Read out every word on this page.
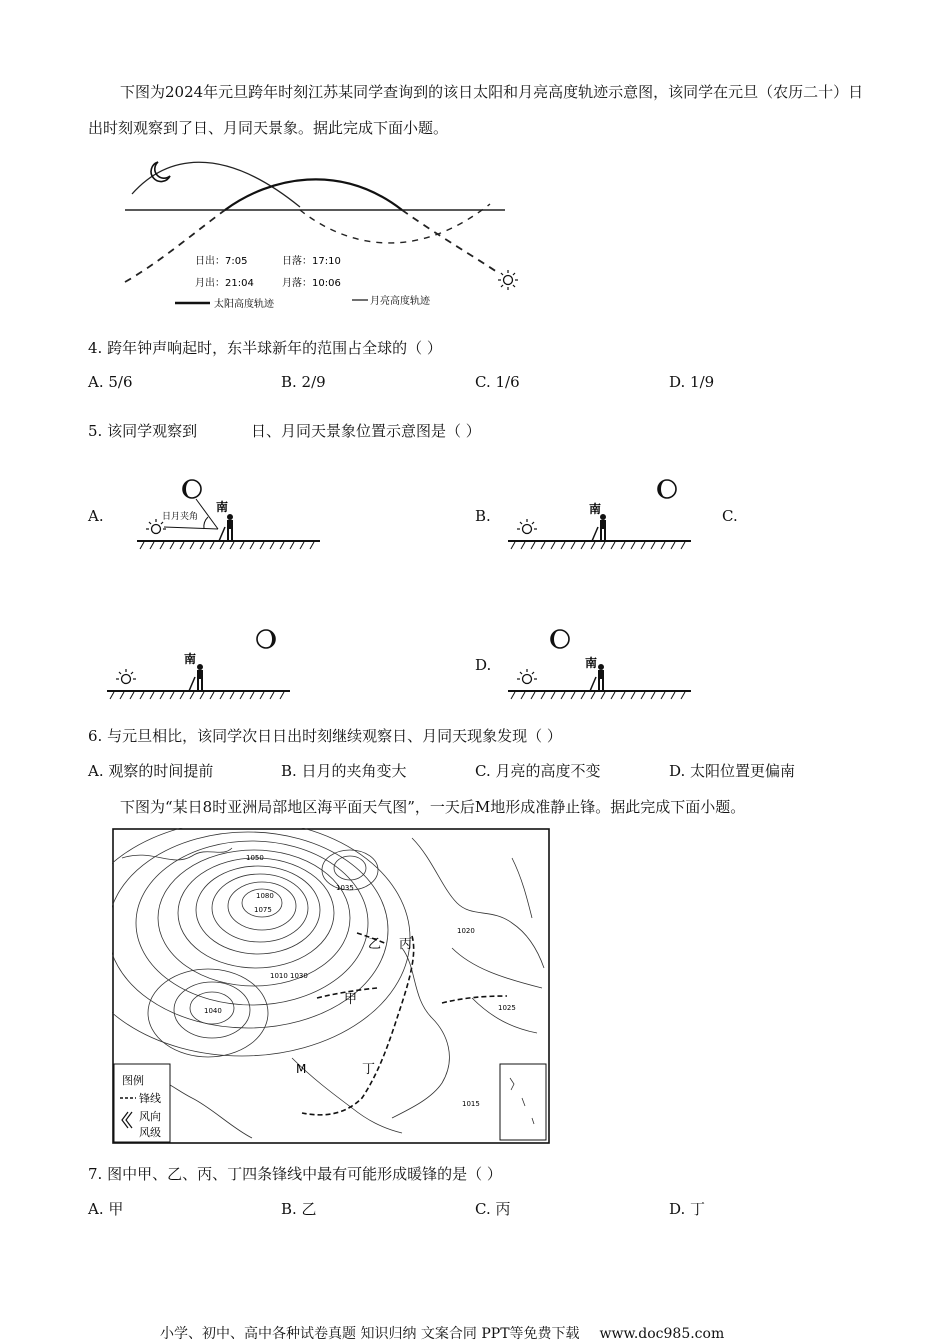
下图为2024年元旦跨年时刻江苏某同学查询到的该日太阳和月亮高度轨迹示意图，该同学在元旦（农历二十）日出时刻观察到了日、月同天景象。据此完成下面小题。
日出：7:05	日落：17:10
月出：21:04	月落：10:06
太阳高度轨迹	月亮高度轨迹
4. 跨年钟声响起时，东半球新年的范围占全球的（ ）
A. 5/6	B. 2/9	C. 1/6	D. 1/9
5. 该同学观察到	日、月同天景象位置示意图是（ ）
A.	B.	C.
D.
日月夹角
南	南
南	南
6. 与元旦相比，该同学次日日出时刻继续观察日、月同天现象发现（ ）
A. 观察的时间提前	B. 日月的夹角变大	C. 月亮的高度不变	D. 太阳位置更偏南
下图为“某日8时亚洲局部地区海平面天气图”，一天后M地形成准静止锋。据此完成下面小题。
甲
乙 丙
丁
M
1050
1080
1075
1035
1030
1040	1025
1015
1010
1020
图例
锋线
风向
风级
7. 图中甲、乙、丙、丁四条锋线中最有可能形成暖锋的是（ ）
A. 甲	B. 乙	C. 丙	D. 丁
小学、初中、高中各种试卷真题 知识归纳 文案合同 PPT等免费下载 www.doc985.com
